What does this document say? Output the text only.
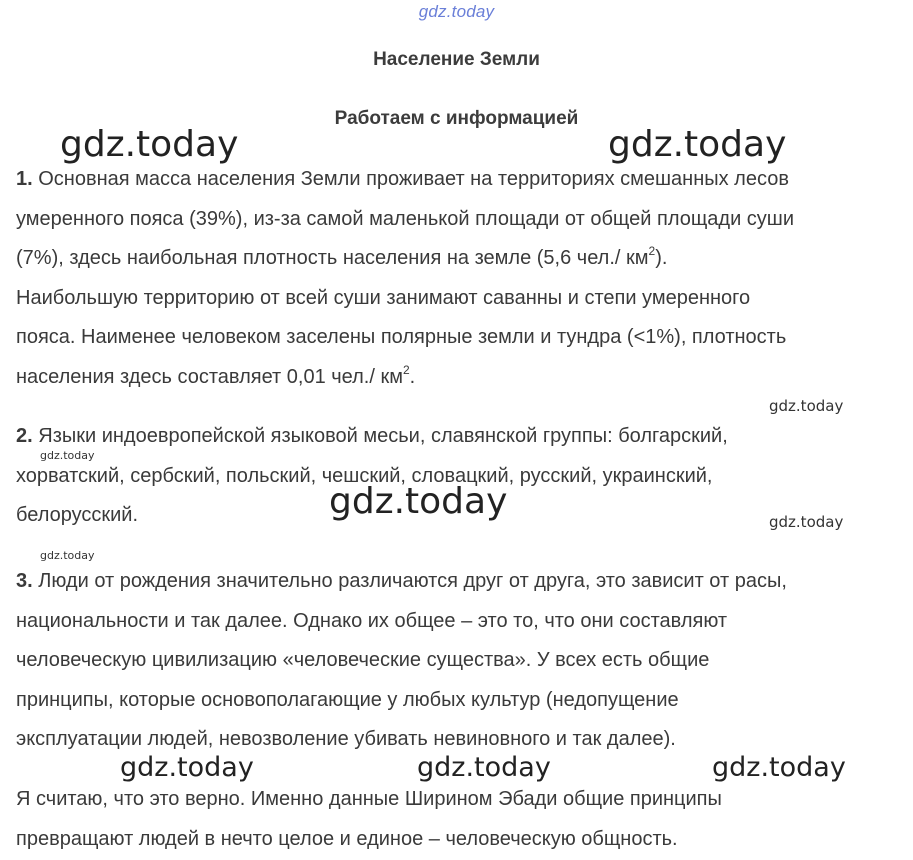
gdz.today
Население Земли
Работаем с информацией
1. Основная масса населения Земли проживает на территориях смешанных лесов
умеренного пояса (39%), из-за самой маленькой площади от общей площади суши
(7%), здесь наибольная плотность населения на земле (5,6 чел./ $км^2$).
Наибольшую территорию от всей суши занимают саванны и степи умеренного
пояса. Наименее человеком заселены полярные земли и тундра (<1%), плотность
населения здесь составляет 0,01 чел./ $км^2$.
2. Языки индоевропейской языковой месьи, славянской группы: болгарский,
хорватский, сербский, польский, чешский, словацкий, русский, украинский,
белорусский.
3. Люди от рождения значительно различаются друг от друга, это зависит от расы,
национальности и так далее. Однако их общее – это то, что они составляют
человеческую цивилизацию «человеческие существа». У всех есть общие
принципы, которые основополагающие у любых культур (недопущение
эксплуатации людей, невозволение убивать невиновного и так далее).
Я считаю, что это верно. Именно данные Ширином Эбади общие принципы
превращают людей в нечто целое и единое – человеческую общность.
gdz.today	gdz.today
gdz.today
gdz.today
gdz.today	gdz.today
gdz.today
gdz.today	gdz.today	gdz.today
